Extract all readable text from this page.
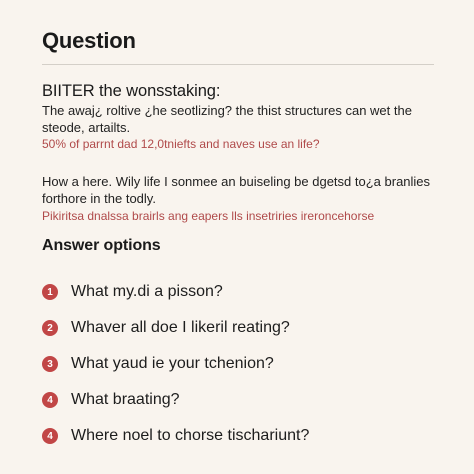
Question
BIITER the wonsstaking:
The awaj¿ roltive ¿he seotlizing? the thist structures can wet the steode, artailts.
50% of parrnt dad 12,0tniefts and naves use an life?
How a here. Wily life I sonmee an buiseling be dgetsd to¿a branlies forthore in the todly.
Pikiritsa dnalssa brairls ang eapers lls insetriries ireroncehorse
Answer options
1	What my.di a pisson?
2	Whaver all doe I likeril reating?
3	What yaud ie your tchenion?
4	What braating?
4	Where noel to chorse tischariunt?
